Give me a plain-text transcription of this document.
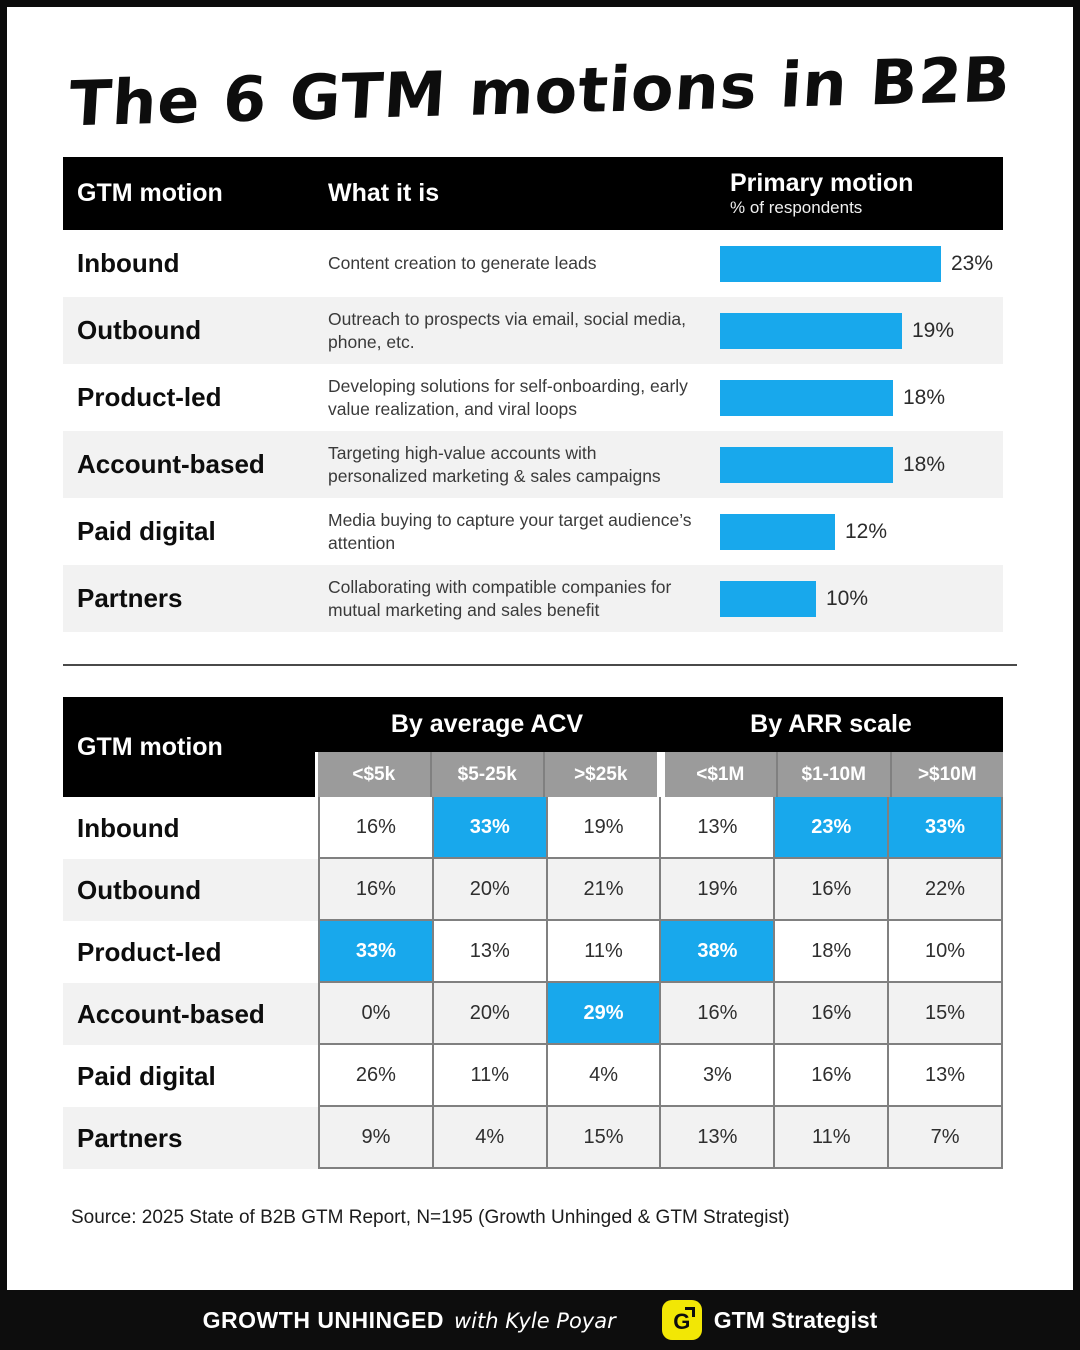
The 6 GTM motions in B2B
GTM motion	What it is	Primary motion
% of respondents
Inbound	Content creation to generate leads	23%
Outbound	Outreach to prospects via email, social media, phone, etc.	19%
Product-led	Developing solutions for self-onboarding, early value realization, and viral loops	18%
Account-based	Targeting high-value accounts with personalized marketing & sales campaigns	18%
Paid digital	Media buying to capture your target audience’s attention	12%
Partners	Collaborating with compatible companies for mutual marketing and sales benefit	10%
GTM motion
By average ACV	By ARR scale
<$5k	$5-25k	>$25k	<$1M	$1-10M	>$10M
Inbound	16%	33%	19%	13%	23%	33%
Outbound	16%	20%	21%	19%	16%	22%
Product-led	33%	13%	11%	38%	18%	10%
Account-based	0%	20%	29%	16%	16%	15%
Paid digital	26%	11%	4%	3%	16%	13%
Partners	9%	4%	15%	13%	11%	7%
Source: 2025 State of B2B GTM Report, N=195 (Growth Unhinged & GTM Strategist)
GROWTH UNHINGED with Kyle Poyar	G GTM Strategist
